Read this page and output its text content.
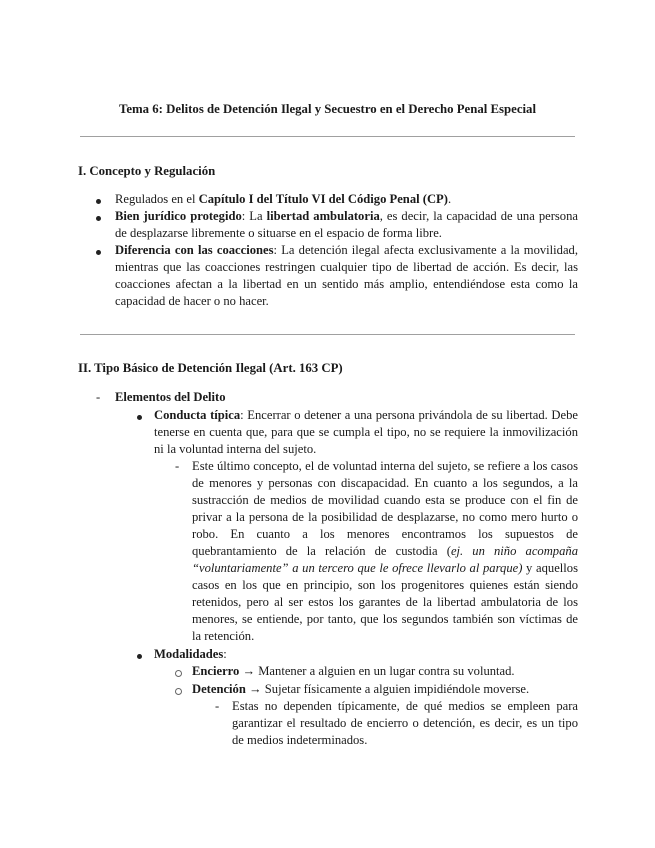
Tema 6: Delitos de Detención Ilegal y Secuestro en el Derecho Penal Especial
I. Concepto y Regulación
Regulados en el Capítulo I del Título VI del Código Penal (CP).
Bien jurídico protegido: La libertad ambulatoria, es decir, la capacidad de una persona de desplazarse libremente o situarse en el espacio de forma libre.
Diferencia con las coacciones: La detención ilegal afecta exclusivamente a la movilidad, mientras que las coacciones restringen cualquier tipo de libertad de acción. Es decir, las coacciones afectan a la libertad en un sentido más amplio, entendiéndose esta como la capacidad de hacer o no hacer.
II. Tipo Básico de Detención Ilegal (Art. 163 CP)
- Elementos del Delito
Conducta típica: Encerrar o detener a una persona privándola de su libertad. Debe tenerse en cuenta que, para que se cumpla el tipo, no se requiere la inmovilización ni la voluntad interna del sujeto.
- Este último concepto, el de voluntad interna del sujeto, se refiere a los casos de menores y personas con discapacidad. En cuanto a los segundos, a la sustracción de medios de movilidad cuando esta se produce con el fin de privar a la persona de la posibilidad de desplazarse, no como mero hurto o robo. En cuanto a los menores encontramos los supuestos de quebrantamiento de la relación de custodia (ej. un niño acompaña “voluntariamente” a un tercero que le ofrece llevarlo al parque) y aquellos casos en los que en principio, son los progenitores quienes están siendo retenidos, pero al ser estos los garantes de la libertad ambulatoria de los menores, se entiende, por tanto, que los segundos también son víctimas de la retención.
Modalidades:
Encierro → Mantener a alguien en un lugar contra su voluntad.
Detención → Sujetar físicamente a alguien impidiéndole moverse.
- Estas no dependen típicamente, de qué medios se empleen para garantizar el resultado de encierro o detención, es decir, es un tipo de medios indeterminados.
